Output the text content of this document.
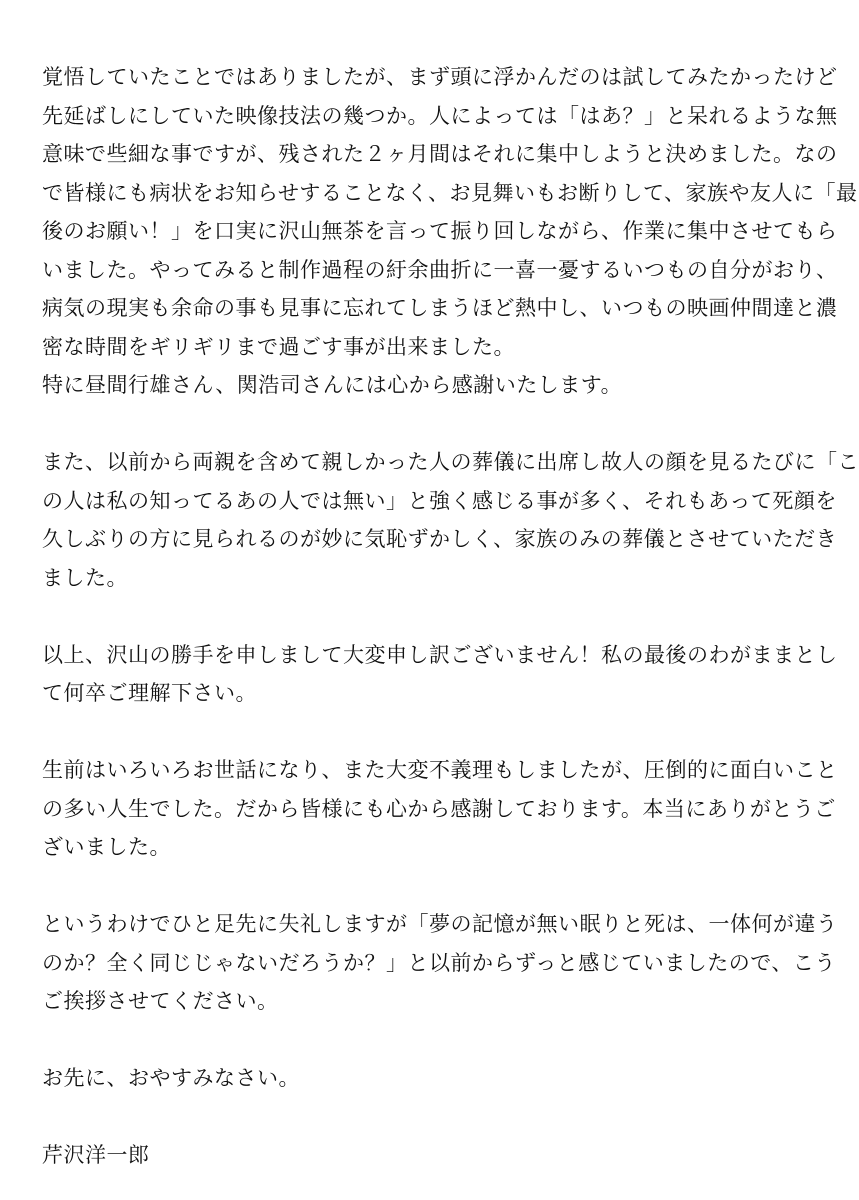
覚悟していたことではありましたが、まず頭に浮かんだのは試してみたかったけど
先延ばしにしていた映像技法の幾つか。人によっては「はあ？」と呆れるような無
意味で些細な事ですが、残された２ヶ月間はそれに集中しようと決めました。なの
で皆様にも病状をお知らせすることなく、お見舞いもお断りして、家族や友人に「最
後のお願い！」を口実に沢山無茶を言って振り回しながら、作業に集中させてもら
いました。やってみると制作過程の紆余曲折に一喜一憂するいつもの自分がおり、
病気の現実も余命の事も見事に忘れてしまうほど熱中し、いつもの映画仲間達と濃
密な時間をギリギリまで過ごす事が出来ました。
特に昼間行雄さん、関浩司さんには心から感謝いたします。
また、以前から両親を含めて親しかった人の葬儀に出席し故人の顔を見るたびに「こ
の人は私の知ってるあの人では無い」と強く感じる事が多く、それもあって死顔を
久しぶりの方に見られるのが妙に気恥ずかしく、家族のみの葬儀とさせていただき
ました。
以上、沢山の勝手を申しまして大変申し訳ございません！私の最後のわがままとし
て何卒ご理解下さい。
生前はいろいろお世話になり、また大変不義理もしましたが、圧倒的に面白いこと
の多い人生でした。だから皆様にも心から感謝しております。本当にありがとうご
ざいました。
というわけでひと足先に失礼しますが「夢の記憶が無い眠りと死は、一体何が違う
のか？全く同じじゃないだろうか？」と以前からずっと感じていましたので、こう
ご挨拶させてください。
お先に、おやすみなさい。
芹沢洋一郎
